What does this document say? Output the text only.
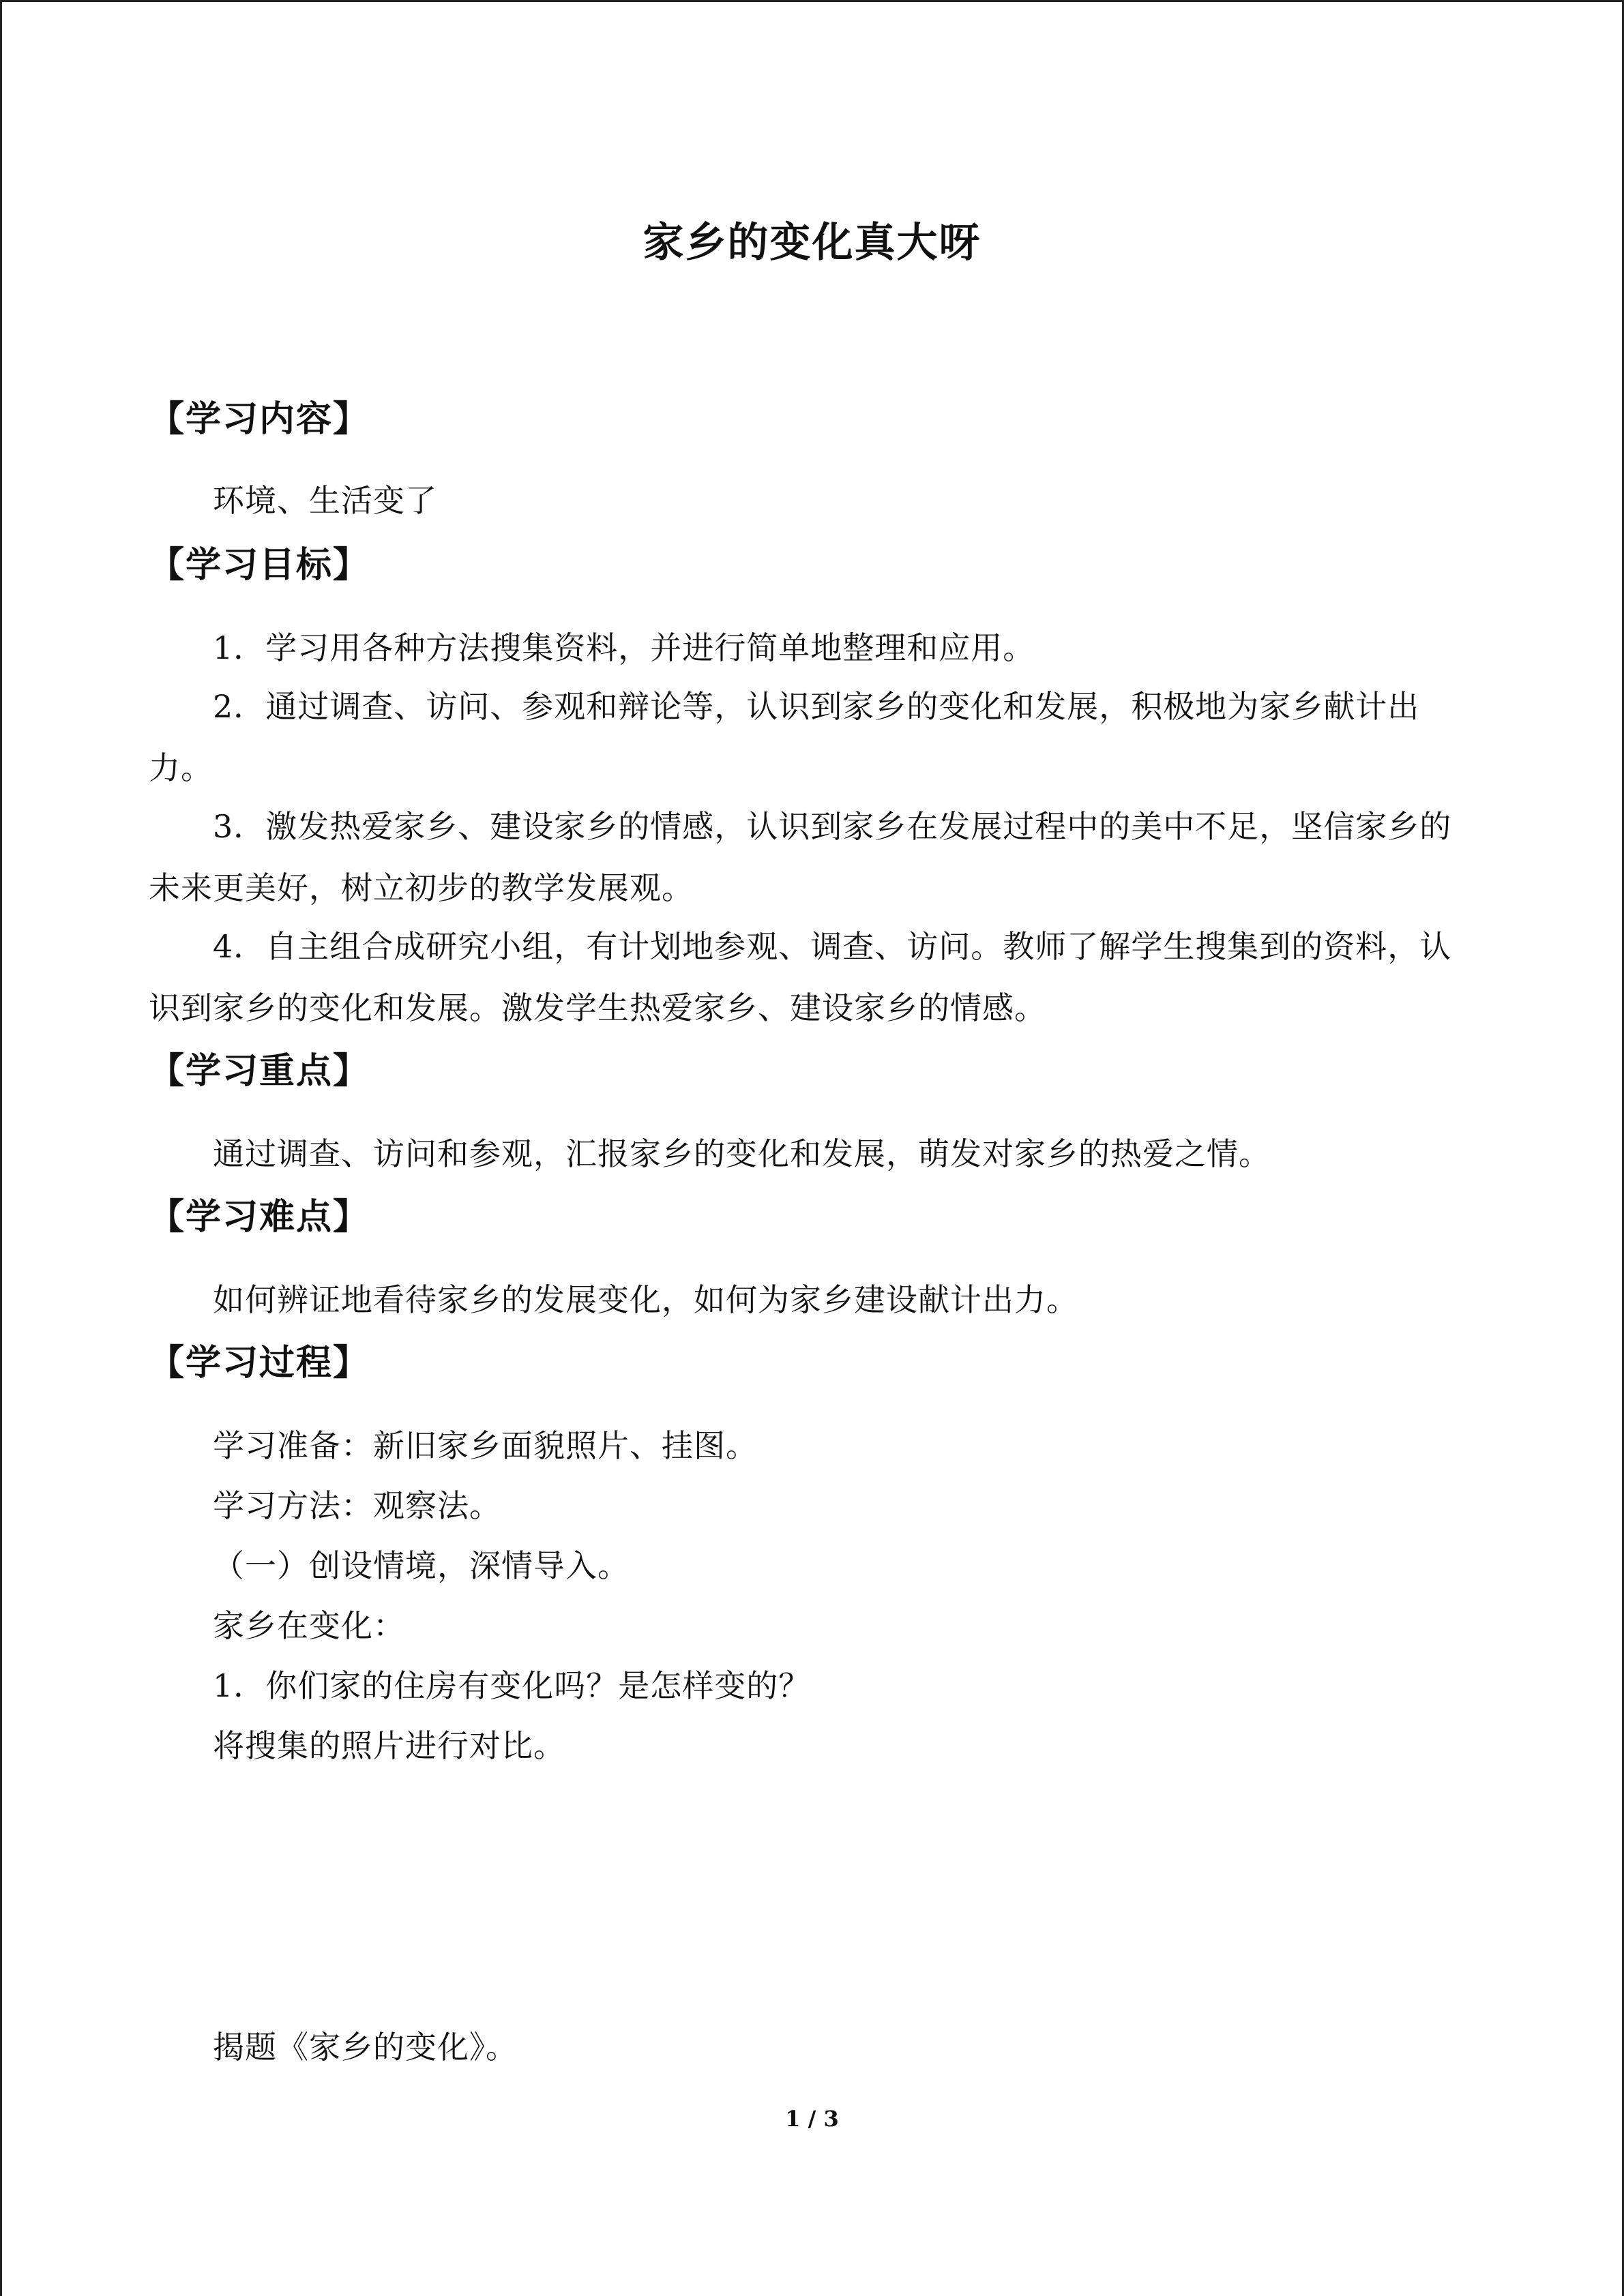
家乡的变化真大呀
【学习内容】
环境、生活变了
【学习目标】
1．学习用各种方法搜集资料，并进行简单地整理和应用。
2．通过调查、访问、参观和辩论等，认识到家乡的变化和发展，积极地为家乡献计出
力。
3．激发热爱家乡、建设家乡的情感，认识到家乡在发展过程中的美中不足，坚信家乡的
未来更美好，树立初步的教学发展观。
4．自主组合成研究小组，有计划地参观、调查、访问。教师了解学生搜集到的资料，认
识到家乡的变化和发展。激发学生热爱家乡、建设家乡的情感。
【学习重点】
通过调查、访问和参观，汇报家乡的变化和发展，萌发对家乡的热爱之情。
【学习难点】
如何辨证地看待家乡的发展变化，如何为家乡建设献计出力。
【学习过程】
学习准备：新旧家乡面貌照片、挂图。
学习方法：观察法。
（一）创设情境，深情导入。
家乡在变化：
1．你们家的住房有变化吗？是怎样变的？
将搜集的照片进行对比。
揭题《家乡的变化》。
1 / 3
